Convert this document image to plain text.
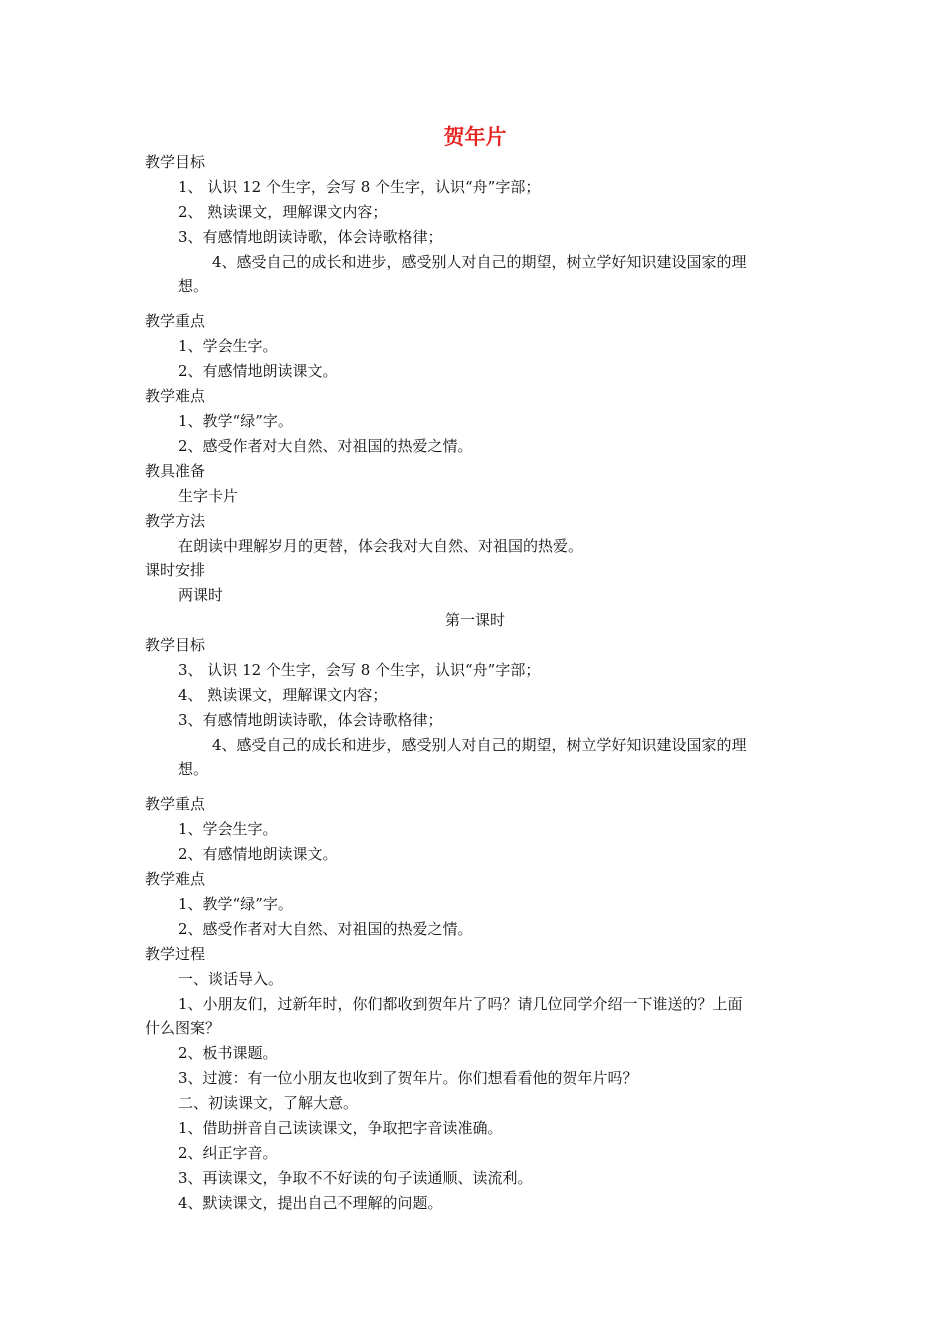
贺年片
教学目标
1、 认识 12 个生字，会写 8 个生字，认识“舟”字部；
2、 熟读课文，理解课文内容；
3、有感情地朗读诗歌，体会诗歌格律；
4、感受自己的成长和进步，感受别人对自己的期望，树立学好知识建设国家的理
想。
教学重点
1、学会生字。
2、有感情地朗读课文。
教学难点
1、教学“绿”字。
2、感受作者对大自然、对祖国的热爱之情。
教具准备
生字卡片
教学方法
在朗读中理解岁月的更替，体会我对大自然、对祖国的热爱。
课时安排
两课时
第一课时
教学目标
3、 认识 12 个生字，会写 8 个生字，认识“舟”字部；
4、 熟读课文，理解课文内容；
3、有感情地朗读诗歌，体会诗歌格律；
4、感受自己的成长和进步，感受别人对自己的期望，树立学好知识建设国家的理
想。
教学重点
1、学会生字。
2、有感情地朗读课文。
教学难点
1、教学“绿”字。
2、感受作者对大自然、对祖国的热爱之情。
教学过程
一、谈话导入。
1、小朋友们，过新年时，你们都收到贺年片了吗？请几位同学介绍一下谁送的？上面
什么图案？
2、板书课题。
3、过渡：有一位小朋友也收到了贺年片。你们想看看他的贺年片吗？
二、初读课文，了解大意。
1、借助拼音自己读读课文，争取把字音读准确。
2、纠正字音。
3、再读课文，争取不不好读的句子读通顺、读流利。
4、默读课文，提出自己不理解的问题。
